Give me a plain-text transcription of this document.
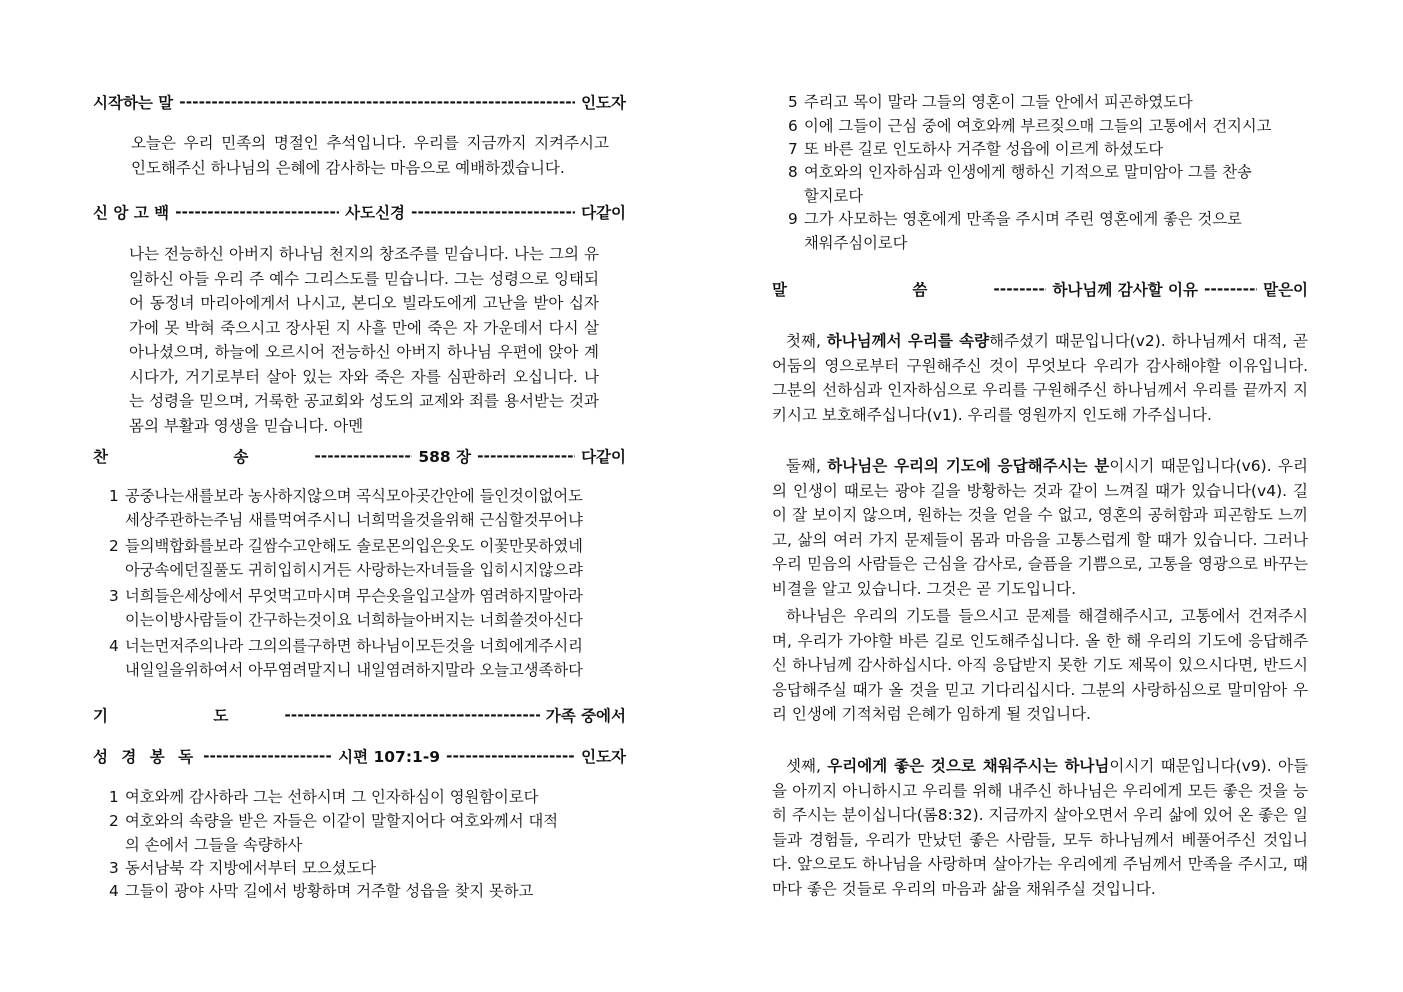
시작하는 말 -----	인도자
오늘은 우리 민족의 명절인 추석입니다. 우리를 지금까지 지켜주시고 인도해주신 하나님의 은혜에 감사하는 마음으로 예배하겠습니다.
신 앙 고 백 -----	사도신경 -----	다같이
나는 전능하신 아버지 하나님 천지의 창조주를 믿습니다. 나는 그의 유일하신 아들 우리 주 예수 그리스도를 믿습니다. 그는 성령으로 잉태되어 동정녀 마리아에게서 나시고, 본디오 빌라도에게 고난을 받아 십자가에 못 박혀 죽으시고 장사된 지 사흘 만에 죽은 자 가운데서 다시 살아나셨으며, 하늘에 오르시어 전능하신 아버지 하나님 우편에 앉아 계시다가, 거기로부터 살아 있는 자와 죽은 자를 심판하러 오십니다. 나는 성령을 믿으며, 거룩한 공교회와 성도의 교제와 죄를 용서받는 것과 몸의 부활과 영생을 믿습니다. 아멘
찬 송 -----	588 장 -----	다같이
1 공중나는새를보라 농사하지않으며 곡식모아곳간안에 들인것이없어도
세상주관하는주님 새를먹여주시니 너희먹을것을위해 근심할것무어냐
2 들의백합화를보라 길쌈수고안해도 솔로몬의입은옷도 이꽃만못하였네
아궁속에던질풀도 귀히입히시거든 사랑하는자녀들을 입히시지않으랴
3 너희들은세상에서 무엇먹고마시며 무슨옷을입고살까 염려하지말아라
이는이방사람들이 간구하는것이요 너희하늘아버지는 너희쓸것아신다
4 너는먼저주의나라 그의의를구하면 하나님이모든것을 너희에게주시리
내일일을위하여서 아무염려말지니 내일염려하지말라 오늘고생족하다
기 도 -----	가족 중에서
성 경 봉 독 -----	시편 107:1-9 -----	인도자
1 여호와께 감사하라 그는 선하시며 그 인자하심이 영원함이로다
2 여호와의 속량을 받은 자들은 이같이 말할지어다 여호와께서 대적
의 손에서 그들을 속량하사
3 동서남북 각 지방에서부터 모으셨도다
4 그들이 광야 사막 길에서 방황하며 거주할 성읍을 찾지 못하고
5 주리고 목이 말라 그들의 영혼이 그들 안에서 피곤하였도다
6 이에 그들이 근심 중에 여호와께 부르짖으매 그들의 고통에서 건지시고
7 또 바른 길로 인도하사 거주할 성읍에 이르게 하셨도다
8 여호와의 인자하심과 인생에게 행하신 기적으로 말미암아 그를 찬송
할지로다
9 그가 사모하는 영혼에게 만족을 주시며 주린 영혼에게 좋은 것으로
채워주심이로다
말 씀 -----	하나님께 감사할 이유 -----	맡은이
첫째, 하나님께서 우리를 속량해주셨기 때문입니다(v2). 하나님께서 대적, 곧 어둠의 영으로부터 구원해주신 것이 무엇보다 우리가 감사해야할 이유입니다. 그분의 선하심과 인자하심으로 우리를 구원해주신 하나님께서 우리를 끝까지 지키시고 보호해주십니다(v1). 우리를 영원까지 인도해 가주십니다.
둘째, 하나님은 우리의 기도에 응답해주시는 분이시기 때문입니다(v6). 우리의 인생이 때로는 광야 길을 방황하는 것과 같이 느껴질 때가 있습니다(v4). 길이 잘 보이지 않으며, 원하는 것을 얻을 수 없고, 영혼의 공허함과 피곤함도 느끼고, 삶의 여러 가지 문제들이 몸과 마음을 고통스럽게 할 때가 있습니다. 그러나 우리 믿음의 사람들은 근심을 감사로, 슬픔을 기쁨으로, 고통을 영광으로 바꾸는 비결을 알고 있습니다. 그것은 곧 기도입니다.
하나님은 우리의 기도를 들으시고 문제를 해결해주시고, 고통에서 건져주시며, 우리가 가야할 바른 길로 인도해주십니다. 올 한 해 우리의 기도에 응답해주신 하나님께 감사하십시다. 아직 응답받지 못한 기도 제목이 있으시다면, 반드시 응답해주실 때가 올 것을 믿고 기다리십시다. 그분의 사랑하심으로 말미암아 우리 인생에 기적처럼 은혜가 임하게 될 것입니다.
셋째, 우리에게 좋은 것으로 채워주시는 하나님이시기 때문입니다(v9). 아들을 아끼지 아니하시고 우리를 위해 내주신 하나님은 우리에게 모든 좋은 것을 능히 주시는 분이십니다(롬8:32). 지금까지 살아오면서 우리 삶에 있어 온 좋은 일들과 경험들, 우리가 만났던 좋은 사람들, 모두 하나님께서 베풀어주신 것입니다. 앞으로도 하나님을 사랑하며 살아가는 우리에게 주님께서 만족을 주시고, 때마다 좋은 것들로 우리의 마음과 삶을 채워주실 것입니다.
